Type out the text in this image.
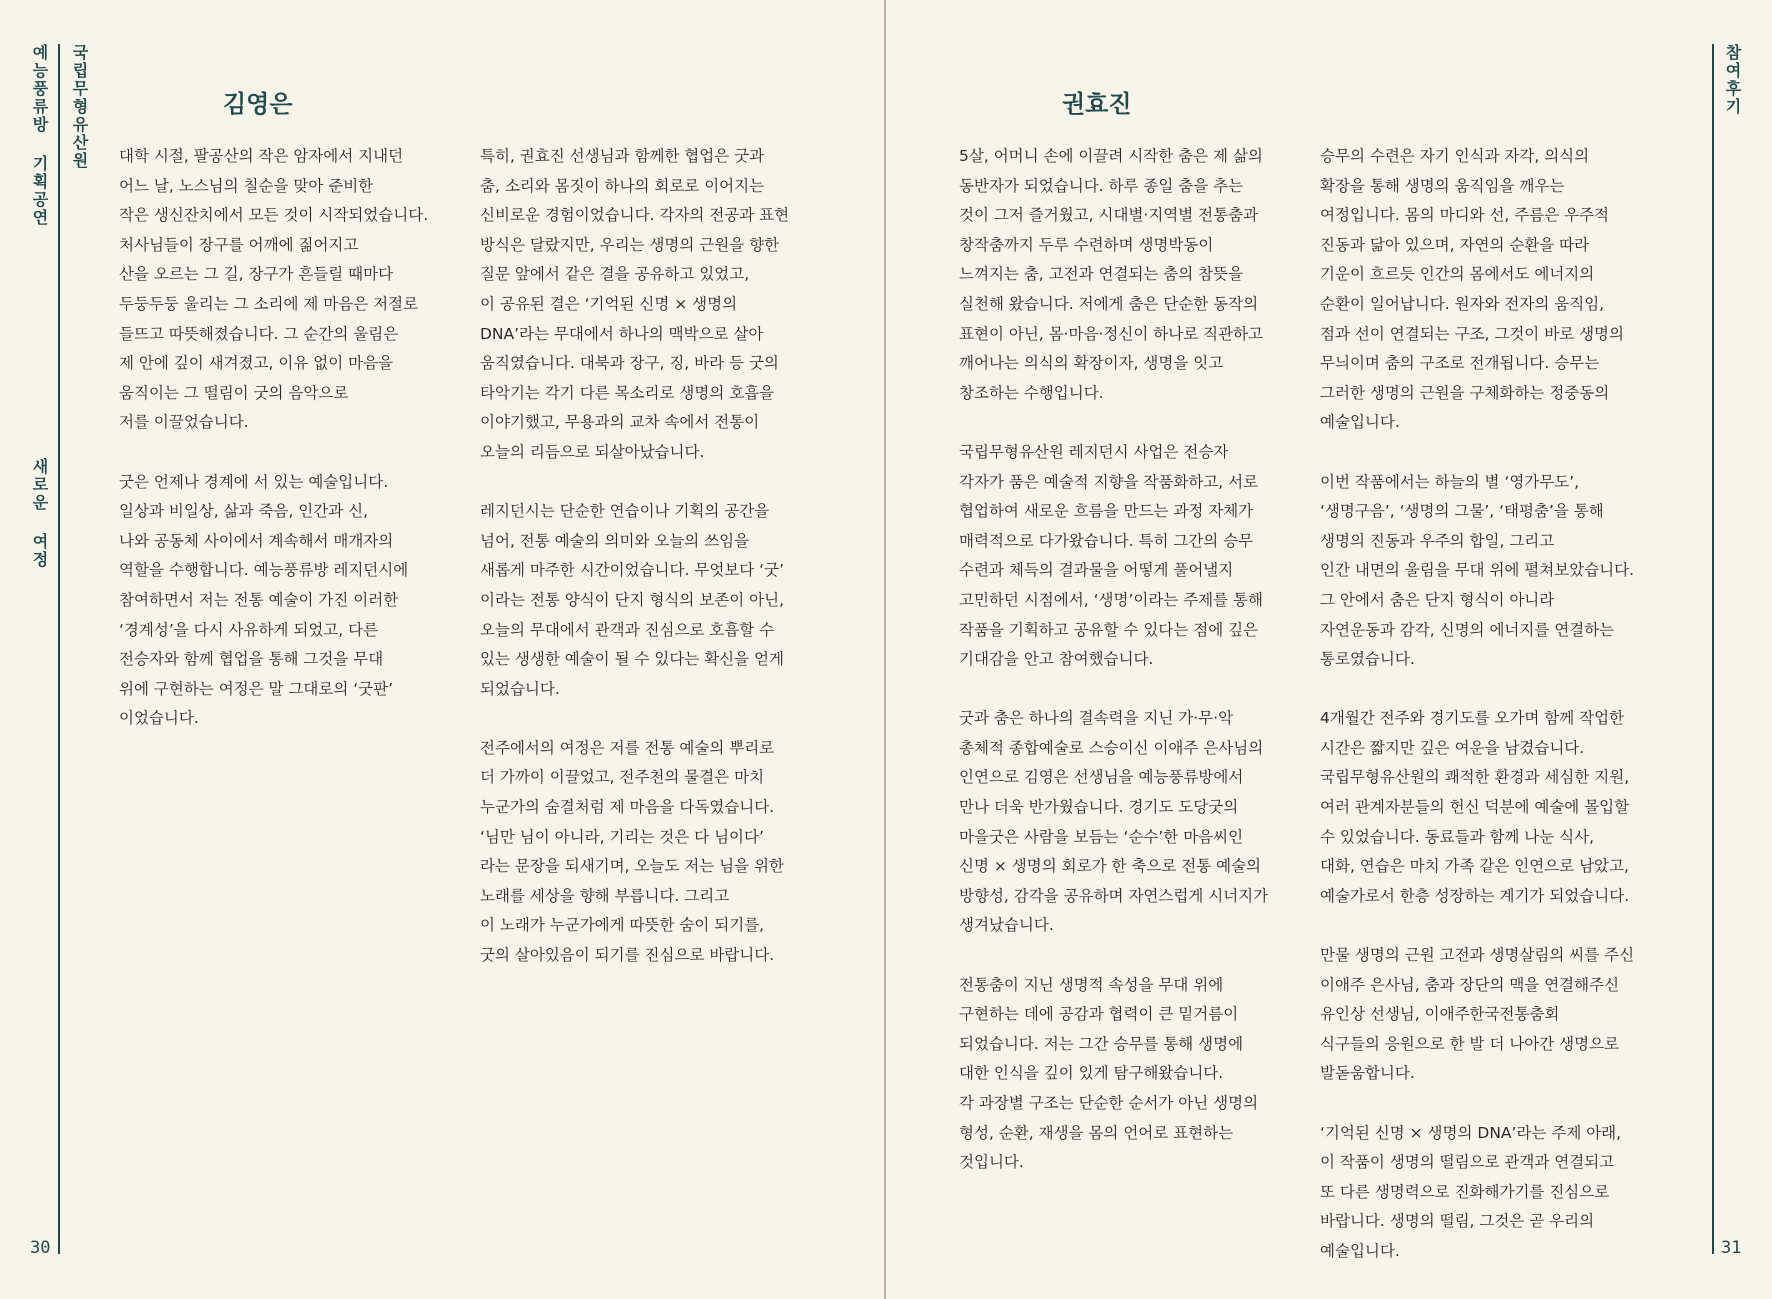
예능풍류방 기획공연
새로운 여정
국립무형유산원
30
김영은
대학 시절, 팔공산의 작은 암자에서 지내던
어느 날, 노스님의 칠순을 맞아 준비한
작은 생신잔치에서 모든 것이 시작되었습니다.
처사님들이 장구를 어깨에 짊어지고
산을 오르는 그 길, 장구가 흔들릴 때마다
두둥두둥 울리는 그 소리에 제 마음은 저절로
들뜨고 따뜻해졌습니다. 그 순간의 울림은
제 안에 깊이 새겨졌고, 이유 없이 마음을
움직이는 그 떨림이 굿의 음악으로
저를 이끌었습니다.
굿은 언제나 경계에 서 있는 예술입니다.
일상과 비일상, 삶과 죽음, 인간과 신,
나와 공동체 사이에서 계속해서 매개자의
역할을 수행합니다. 예능풍류방 레지던시에
참여하면서 저는 전통 예술이 가진 이러한
‘경계성’을 다시 사유하게 되었고, 다른
전승자와 함께 협업을 통해 그것을 무대
위에 구현하는 여정은 말 그대로의 ‘굿판’
이었습니다.
특히, 권효진 선생님과 함께한 협업은 굿과
춤, 소리와 몸짓이 하나의 회로로 이어지는
신비로운 경험이었습니다. 각자의 전공과 표현
방식은 달랐지만, 우리는 생명의 근원을 향한
질문 앞에서 같은 결을 공유하고 있었고,
이 공유된 결은 ‘기억된 신명 × 생명의
DNA’라는 무대에서 하나의 맥박으로 살아
움직였습니다. 대북과 장구, 징, 바라 등 굿의
타악기는 각기 다른 목소리로 생명의 호흡을
이야기했고, 무용과의 교차 속에서 전통이
오늘의 리듬으로 되살아났습니다.
레지던시는 단순한 연습이나 기획의 공간을
넘어, 전통 예술의 의미와 오늘의 쓰임을
새롭게 마주한 시간이었습니다. 무엇보다 ‘굿’
이라는 전통 양식이 단지 형식의 보존이 아닌,
오늘의 무대에서 관객과 진심으로 호흡할 수
있는 생생한 예술이 될 수 있다는 확신을 얻게
되었습니다.
전주에서의 여정은 저를 전통 예술의 뿌리로
더 가까이 이끌었고, 전주천의 물결은 마치
누군가의 숨결처럼 제 마음을 다독였습니다.
‘님만 님이 아니라, 기리는 것은 다 님이다’
라는 문장을 되새기며, 오늘도 저는 님을 위한
노래를 세상을 향해 부릅니다. 그리고
이 노래가 누군가에게 따뜻한 숨이 되기를,
굿의 살아있음이 되기를 진심으로 바랍니다.
권효진
5살, 어머니 손에 이끌려 시작한 춤은 제 삶의
동반자가 되었습니다. 하루 종일 춤을 추는
것이 그저 즐거웠고, 시대별·지역별 전통춤과
창작춤까지 두루 수련하며 생명박동이
느껴지는 춤, 고전과 연결되는 춤의 참뜻을
실천해 왔습니다. 저에게 춤은 단순한 동작의
표현이 아닌, 몸·마음·정신이 하나로 직관하고
깨어나는 의식의 확장이자, 생명을 잇고
창조하는 수행입니다.
국립무형유산원 레지던시 사업은 전승자
각자가 품은 예술적 지향을 작품화하고, 서로
협업하여 새로운 흐름을 만드는 과정 자체가
매력적으로 다가왔습니다. 특히 그간의 승무
수련과 체득의 결과물을 어떻게 풀어낼지
고민하던 시점에서, ‘생명’이라는 주제를 통해
작품을 기획하고 공유할 수 있다는 점에 깊은
기대감을 안고 참여했습니다.
굿과 춤은 하나의 결속력을 지닌 가·무·악
총체적 종합예술로 스승이신 이애주 은사님의
인연으로 김영은 선생님을 예능풍류방에서
만나 더욱 반가웠습니다. 경기도 도당굿의
마을굿은 사람을 보듬는 ‘순수’한 마음씨인
신명 × 생명의 회로가 한 축으로 전통 예술의
방향성, 감각을 공유하며 자연스럽게 시너지가
생겨났습니다.
전통춤이 지닌 생명적 속성을 무대 위에
구현하는 데에 공감과 협력이 큰 밑거름이
되었습니다. 저는 그간 승무를 통해 생명에
대한 인식을 깊이 있게 탐구해왔습니다.
각 과장별 구조는 단순한 순서가 아닌 생명의
형성, 순환, 재생을 몸의 언어로 표현하는
것입니다.
승무의 수련은 자기 인식과 자각, 의식의
확장을 통해 생명의 움직임을 깨우는
여정입니다. 몸의 마디와 선, 주름은 우주적
진동과 닮아 있으며, 자연의 순환을 따라
기운이 흐르듯 인간의 몸에서도 에너지의
순환이 일어납니다. 원자와 전자의 움직임,
점과 선이 연결되는 구조, 그것이 바로 생명의
무늬이며 춤의 구조로 전개됩니다. 승무는
그러한 생명의 근원을 구체화하는 정중동의
예술입니다.
이번 작품에서는 하늘의 별 ‘영가무도’,
‘생명구음’, ‘생명의 그물’, ‘태평춤’을 통해
생명의 진동과 우주의 합일, 그리고
인간 내면의 울림을 무대 위에 펼쳐보았습니다.
그 안에서 춤은 단지 형식이 아니라
자연운동과 감각, 신명의 에너지를 연결하는
통로였습니다.
4개월간 전주와 경기도를 오가며 함께 작업한
시간은 짧지만 깊은 여운을 남겼습니다.
국립무형유산원의 쾌적한 환경과 세심한 지원,
여러 관계자분들의 헌신 덕분에 예술에 몰입할
수 있었습니다. 동료들과 함께 나눈 식사,
대화, 연습은 마치 가족 같은 인연으로 남았고,
예술가로서 한층 성장하는 계기가 되었습니다.
만물 생명의 근원 고전과 생명살림의 씨를 주신
이애주 은사님, 춤과 장단의 맥을 연결해주신
유인상 선생님, 이애주한국전통춤회
식구들의 응원으로 한 발 더 나아간 생명으로
발돋움합니다.
‘기억된 신명 × 생명의 DNA’라는 주제 아래,
이 작품이 생명의 떨림으로 관객과 연결되고
또 다른 생명력으로 진화해가기를 진심으로
바랍니다. 생명의 떨림, 그것은 곧 우리의
예술입니다.
참여후기
31
